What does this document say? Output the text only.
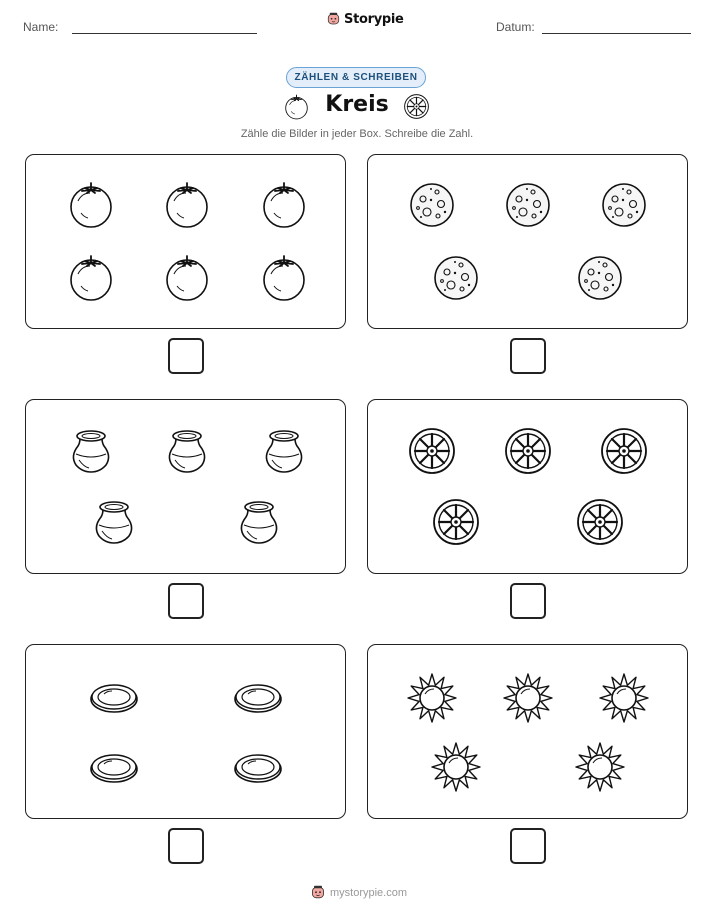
Name:	Storypie	Datum:
ZÄHLEN & SCHREIBEN
Kreis
Zähle die Bilder in jeder Box. Schreibe die Zahl.
mystorypie.com
